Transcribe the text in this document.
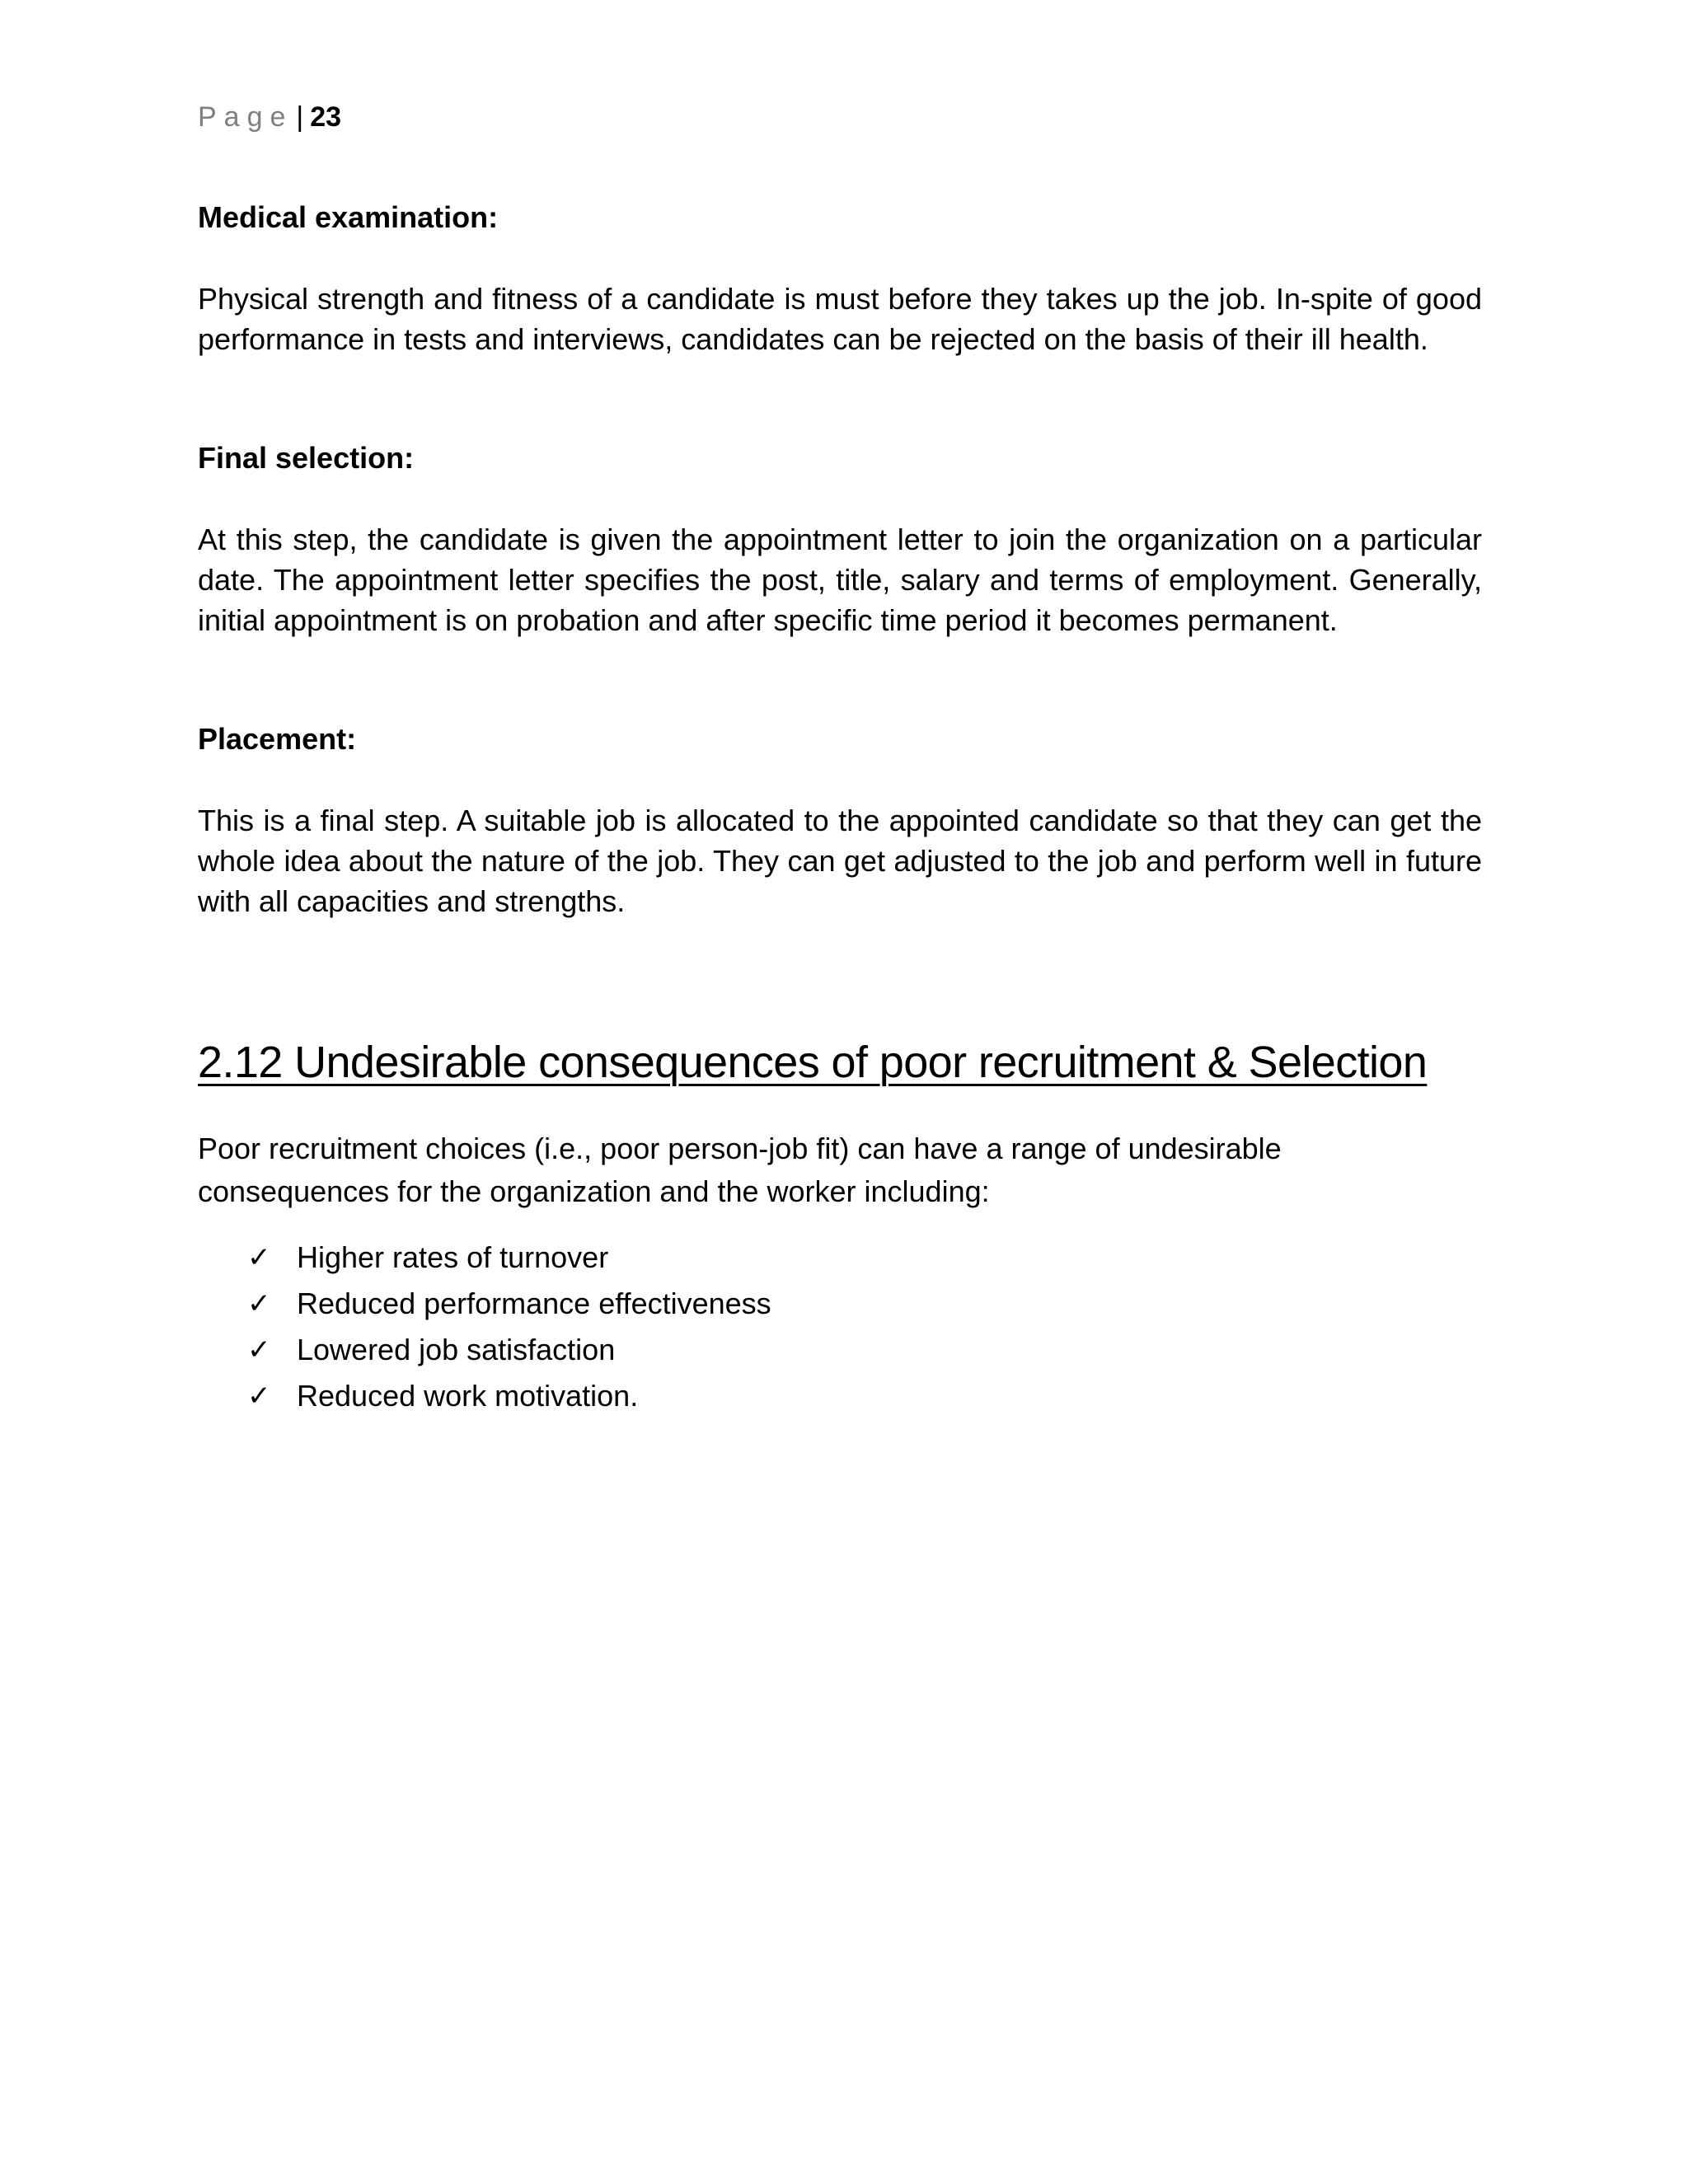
Page | 23
Medical examination:
Physical strength and fitness of a candidate is must before they takes up the job. In-spite of good performance in tests and interviews, candidates can be rejected on the basis of their ill health.
Final selection:
At this step, the candidate is given the appointment letter to join the organization on a particular date. The appointment letter specifies the post, title, salary and terms of employment. Generally, initial appointment is on probation and after specific time period it becomes permanent.
Placement:
This is a final step. A suitable job is allocated to the appointed candidate so that they can get the whole idea about the nature of the job. They can get adjusted to the job and perform well in future with all capacities and strengths.
2.12 Undesirable consequences of poor recruitment & Selection
Poor recruitment choices (i.e., poor person-job fit) can have a range of undesirable
consequences for the organization and the worker including:
✓ Higher rates of turnover
✓ Reduced performance effectiveness
✓ Lowered job satisfaction
✓ Reduced work motivation.
